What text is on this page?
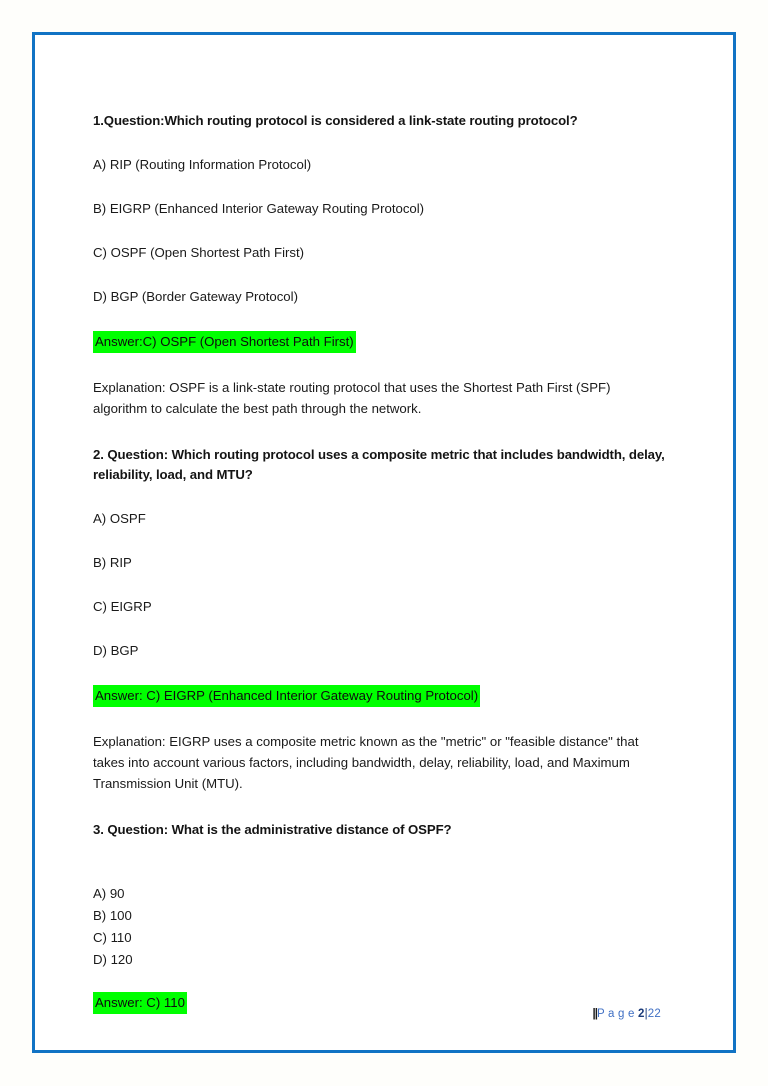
1.Question:Which routing protocol is considered a link-state routing protocol?

A) RIP (Routing Information Protocol)

B) EIGRP (Enhanced Interior Gateway Routing Protocol)

C) OSPF (Open Shortest Path First)

D) BGP (Border Gateway Protocol)

Answer:C) OSPF (Open Shortest Path First)

Explanation: OSPF is a link-state routing protocol that uses the Shortest Path First (SPF) algorithm to calculate the best path through the network.

2. Question: Which routing protocol uses a composite metric that includes bandwidth, delay, reliability, load, and MTU?

A) OSPF

B) RIP

C) EIGRP

D) BGP

Answer: C) EIGRP (Enhanced Interior Gateway Routing Protocol)

Explanation: EIGRP uses a composite metric known as the "metric" or "feasible distance" that takes into account various factors, including bandwidth, delay, reliability, load, and Maximum Transmission Unit (MTU).

3. Question: What is the administrative distance of OSPF?

A) 90

B) 100

C) 110

D) 120

Answer: C) 110
||P a g e 2|22
